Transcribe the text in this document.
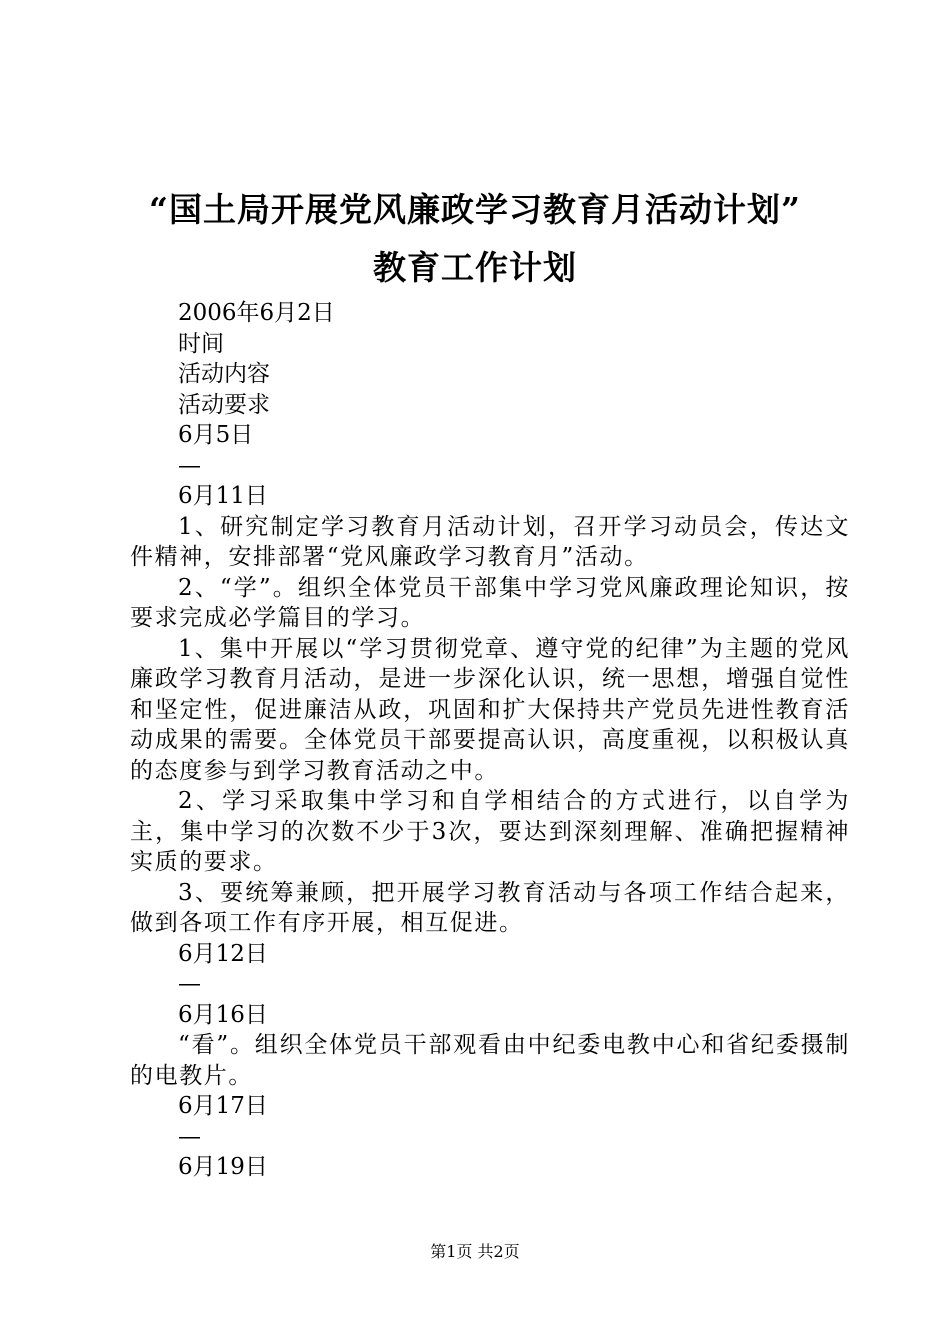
“国土局开展党风廉政学习教育月活动计划”
教育工作计划
2006年6月2日
时间
活动内容
活动要求
6月5日
—
6月11日
1、研究制定学习教育月活动计划，召开学习动员会，传达文件精神，安排部署“党风廉政学习教育月”活动。
2、“学”。组织全体党员干部集中学习党风廉政理论知识，按要求完成必学篇目的学习。
1、集中开展以“学习贯彻党章、遵守党的纪律”为主题的党风廉政学习教育月活动，是进一步深化认识，统一思想，增强自觉性和坚定性，促进廉洁从政，巩固和扩大保持共产党员先进性教育活动成果的需要。全体党员干部要提高认识，高度重视，以积极认真的态度参与到学习教育活动之中。
2、学习采取集中学习和自学相结合的方式进行，以自学为主，集中学习的次数不少于3次，要达到深刻理解、准确把握精神实质的要求。
3、要统筹兼顾，把开展学习教育活动与各项工作结合起来，做到各项工作有序开展，相互促进。
6月12日
—
6月16日
“看”。组织全体党员干部观看由中纪委电教中心和省纪委摄制的电教片。
6月17日
—
6月19日
第1页 共2页
